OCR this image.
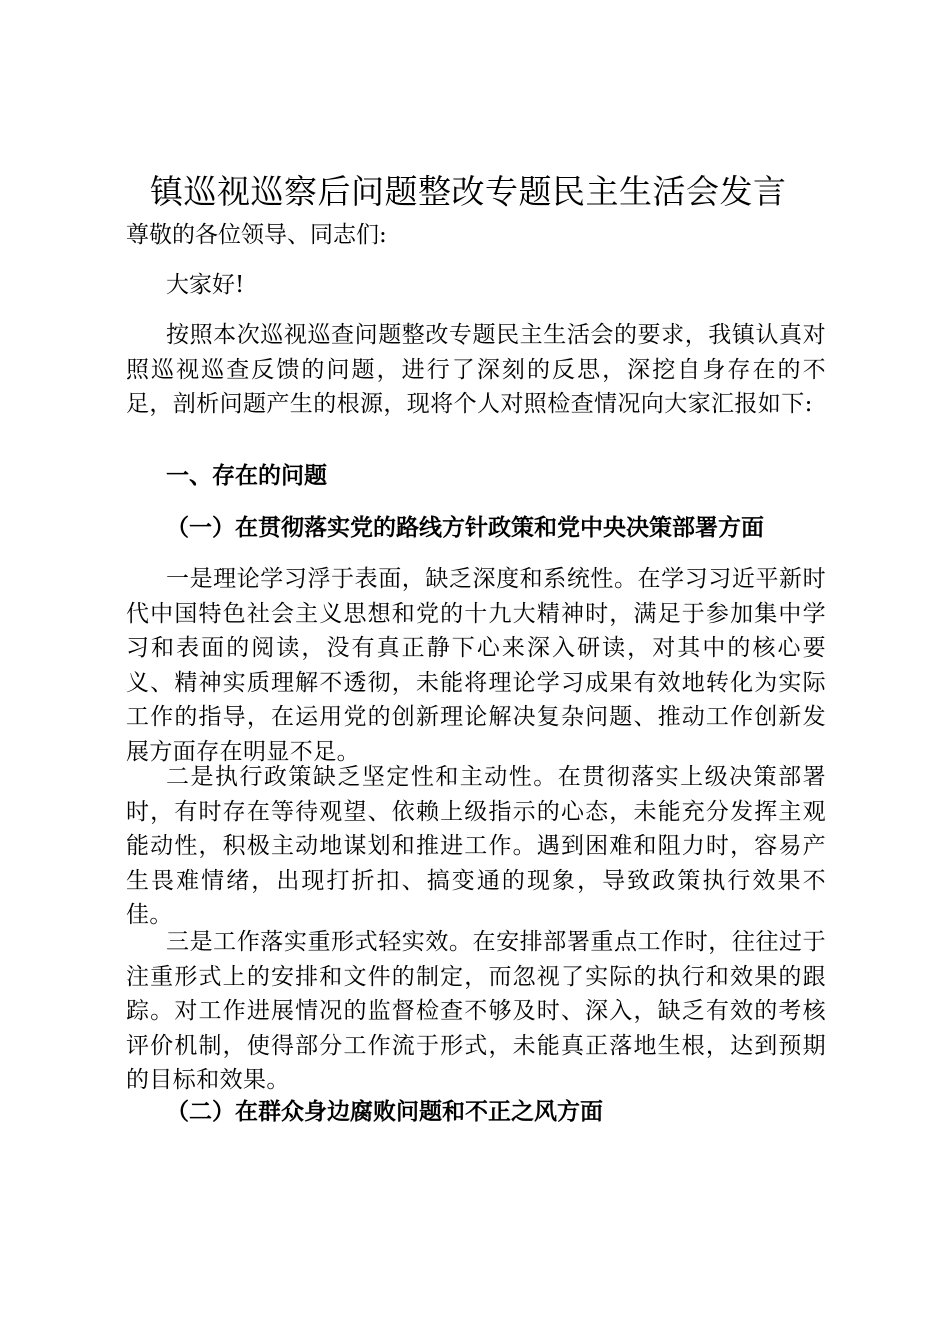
镇巡视巡察后问题整改专题民主生活会发言
尊敬的各位领导、同志们:
大家好!
按照本次巡视巡查问题整改专题民主生活会的要求，我镇认真对照巡视巡查反馈的问题，进行了深刻的反思，深挖自身存在的不足，剖析问题产生的根源，现将个人对照检查情况向大家汇报如下:
一、存在的问题
（一）在贯彻落实党的路线方针政策和党中央决策部署方面
一是理论学习浮于表面，缺乏深度和系统性。在学习习近平新时代中国特色社会主义思想和党的十九大精神时，满足于参加集中学习和表面的阅读，没有真正静下心来深入研读，对其中的核心要义、精神实质理解不透彻，未能将理论学习成果有效地转化为实际工作的指导，在运用党的创新理论解决复杂问题、推动工作创新发展方面存在明显不足。
二是执行政策缺乏坚定性和主动性。在贯彻落实上级决策部署时，有时存在等待观望、依赖上级指示的心态，未能充分发挥主观能动性，积极主动地谋划和推进工作。遇到困难和阻力时，容易产生畏难情绪，出现打折扣、搞变通的现象，导致政策执行效果不佳。
三是工作落实重形式轻实效。在安排部署重点工作时，往往过于注重形式上的安排和文件的制定，而忽视了实际的执行和效果的跟踪。对工作进展情况的监督检查不够及时、深入，缺乏有效的考核评价机制，使得部分工作流于形式，未能真正落地生根，达到预期的目标和效果。
（二）在群众身边腐败问题和不正之风方面
